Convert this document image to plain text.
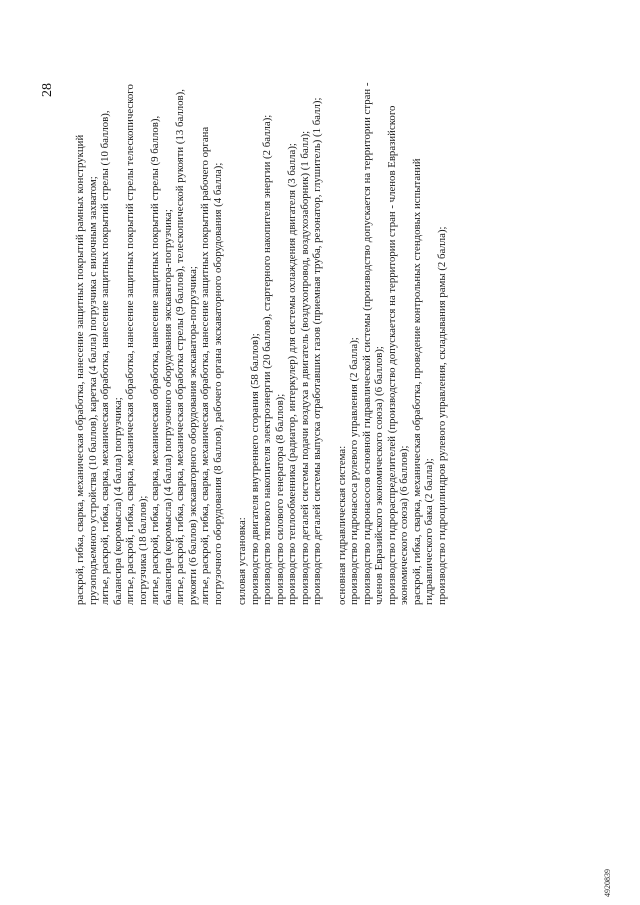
28

раскрой, гибка, сварка, механическая обработка, нанесение защитных покрытий рамных конструкций грузоподъемного устройства (10 баллов), каретка (4 балла) погрузчика с вилочным захватом; литье, раскрой, гибка, сварка, механическая обработка, нанесение защитных покрытий стрелы (10 баллов), балансира (коромысла) (4 балла) погрузчика; литье, раскрой, гибка, сварка, механическая обработка, нанесение защитных покрытий стрелы телескопического погрузчика (18 баллов); литье, раскрой, гибка, сварка, механическая обработка, нанесение защитных покрытий стрелы (9 баллов), балансира (коромысла) (4 балла) погрузочного оборудования экскаватора-погрузчика; литье, раскрой, гибка, сварка, механическая обработка стрелы (9 баллов), телескопической рукояти (13 баллов), рукояти (6 баллов) экскаваторного оборудования экскаватора-погрузчика; литье, раскрой, гибка, сварка, механическая обработка, нанесение защитных покрытий рабочего органа погрузочного оборудования (8 баллов), рабочего органа экскаваторного оборудования (4 балла); силовая установка: производство двигателя внутреннего сгорания (58 баллов); производство тягового накопителя электроэнергии (20 баллов), стартерного накопителя энергии (2 балла); производство силового генератора (8 баллов); производство теплообменника (радиатор, интеркулер) для системы охлаждения двигателя (3 балла); производство деталей системы подачи воздуха в двигатель (воздухопровод, воздухозаборник) (1 балл); производство деталей системы выпуска отработавших газов (приемная труба, резонатор, глушитель) (1 балл); основная гидравлическая система: производство гидронасоса рулевого управления (2 балла); производство гидронасосов основной гидравлической системы (производство допускается на территории стран - членов Евразийского экономического союза) (6 баллов); производство гидрораспределителей (производство допускается на территории стран - членов Евразийского экономического союза) (6 баллов); раскрой, гибка, сварка, механическая обработка, проведение контрольных стендовых испытаний гидравлического бака (2 балла); производство гидроцилиндров рулевого управления, складывания рамы (2 балла);

4920839
